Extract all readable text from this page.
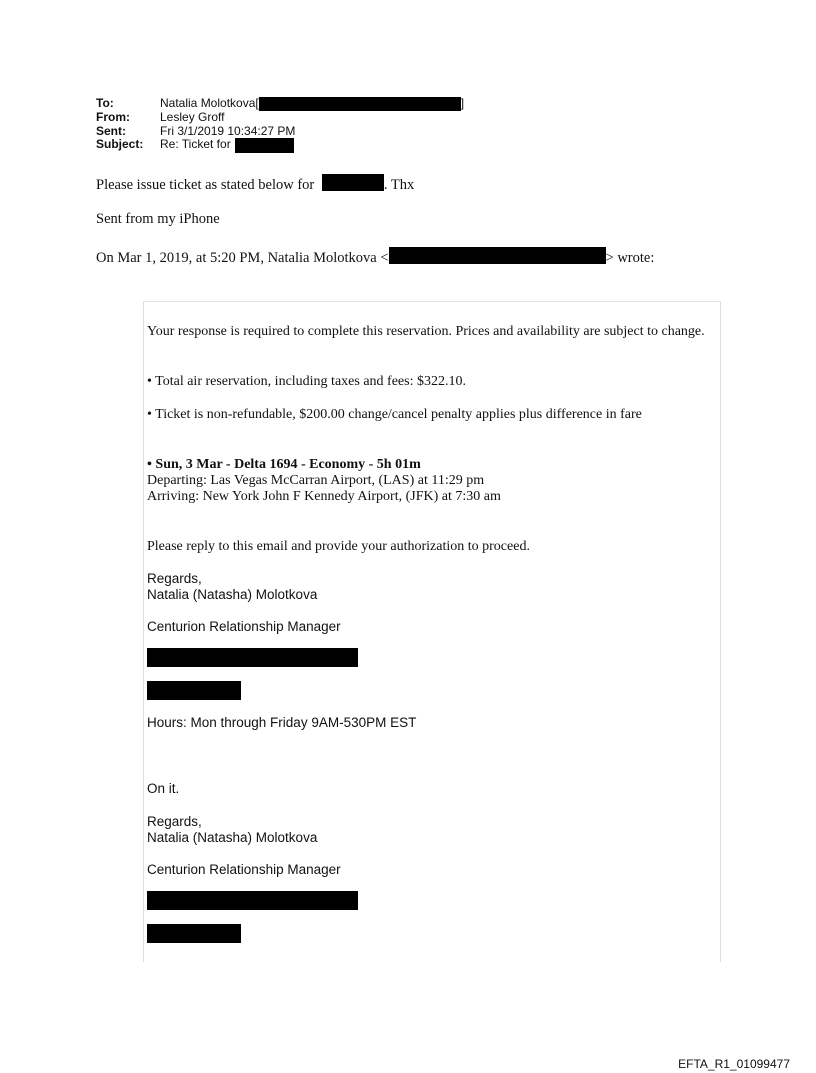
To:	Natalia Molotkova[	]
From:	Lesley Groff
Sent:	Fri 3/1/2019 10:34:27 PM
Subject:	Re: Ticket for
Please issue ticket as stated below for	. Thx
Sent from my iPhone
On Mar 1, 2019, at 5:20 PM, Natalia Molotkova <	> wrote:
Your response is required to complete this reservation. Prices and availability are subject to change.
• Total air reservation, including taxes and fees: $322.10.
• Ticket is non-refundable, $200.00 change/cancel penalty applies plus difference in fare
• Sun, 3 Mar - Delta 1694 - Economy - 5h 01m
Departing: Las Vegas McCarran Airport, (LAS) at 11:29 pm
Arriving: New York John F Kennedy Airport, (JFK) at 7:30 am
Please reply to this email and provide your authorization to proceed.
Regards,
Natalia (Natasha) Molotkova
Centurion Relationship Manager
Hours: Mon through Friday 9AM-530PM EST
On it.
Regards,
Natalia (Natasha) Molotkova
Centurion Relationship Manager
EFTA_R1_01099477
